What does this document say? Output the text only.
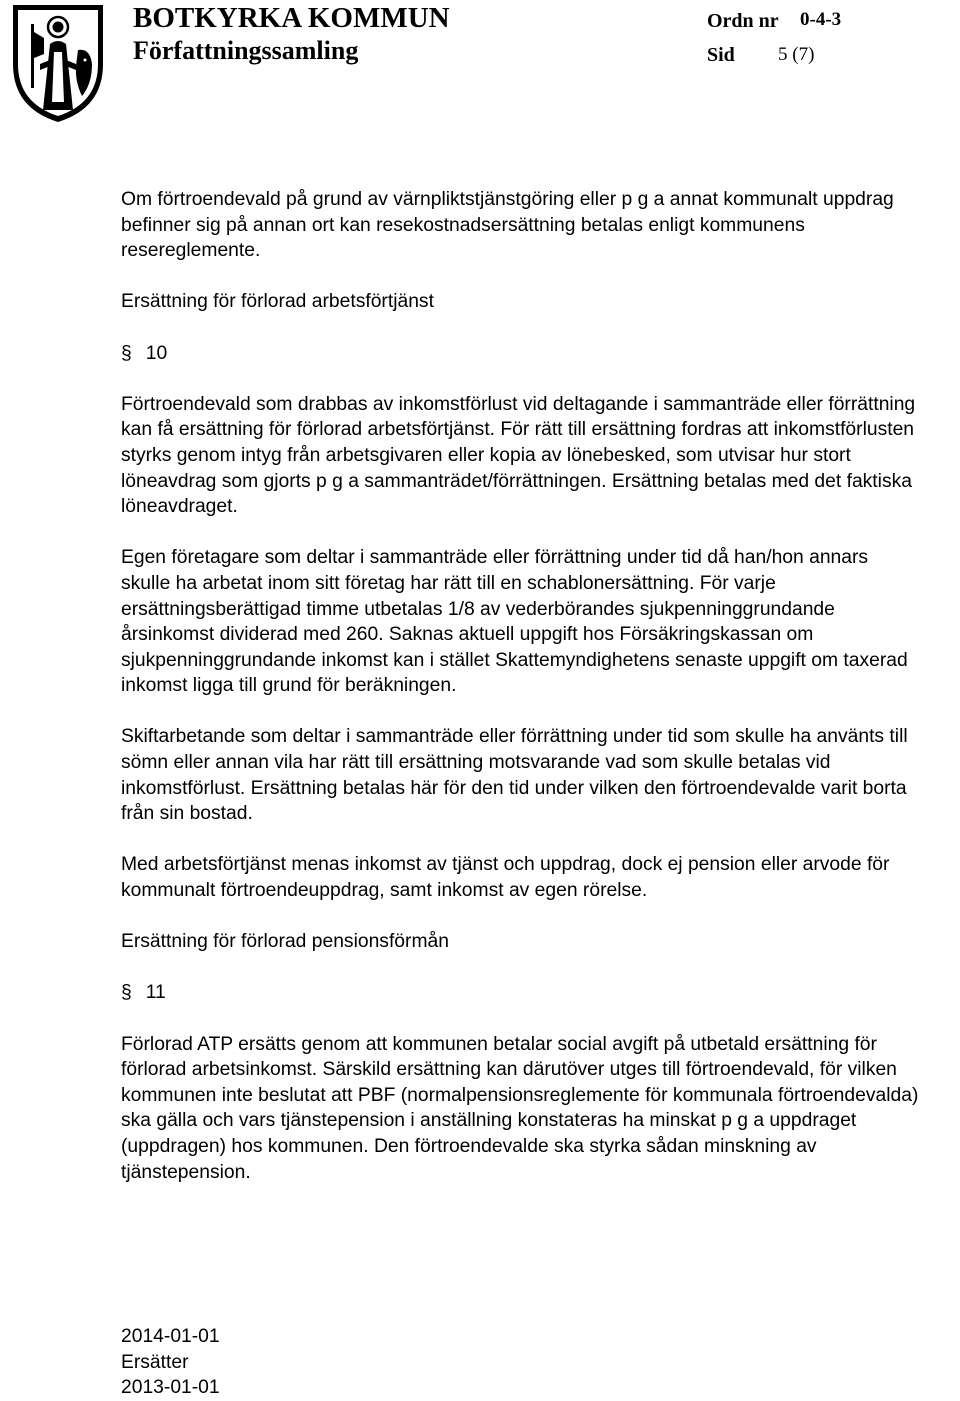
BOTKYRKA KOMMUN
Författningssamling
Ordn nr 0-4-3
Sid 5 (7)

Om förtroendevald på grund av värnpliktstjänstgöring eller p g a annat kommunalt uppdrag befinner sig på annan ort kan resekostnadsersättning betalas enligt kommunens resereglemente.

Ersättning för förlorad arbetsförtjänst

§ 10

Förtroendevald som drabbas av inkomstförlust vid deltagande i sammanträde eller förrättning kan få ersättning för förlorad arbetsförtjänst. För rätt till ersättning fordras att inkomstförlusten styrks genom intyg från arbetsgivaren eller kopia av lönebesked, som utvisar hur stort löneavdrag som gjorts p g a sammanträdet/förrättningen. Ersättning betalas med det faktiska löneavdraget.

Egen företagare som deltar i sammanträde eller förrättning under tid då han/hon annars skulle ha arbetat inom sitt företag har rätt till en schablonersättning. För varje ersättningsberättigad timme utbetalas 1/8 av vederbörandes sjukpenninggrundande årsinkomst dividerad med 260. Saknas aktuell uppgift hos Försäkringskassan om sjukpenninggrundande inkomst kan i stället Skattemyndighetens senaste uppgift om taxerad inkomst ligga till grund för beräkningen.

Skiftarbetande som deltar i sammanträde eller förrättning under tid som skulle ha använts till sömn eller annan vila har rätt till ersättning motsvarande vad som skulle betalas vid inkomstförlust. Ersättning betalas här för den tid under vilken den förtroendevalde varit borta från sin bostad.

Med arbetsförtjänst menas inkomst av tjänst och uppdrag, dock ej pension eller arvode för kommunalt förtroendeuppdrag, samt inkomst av egen rörelse.

Ersättning för förlorad pensionsförmån

§ 11

Förlorad ATP ersätts genom att kommunen betalar social avgift på utbetald ersättning för förlorad arbetsinkomst. Särskild ersättning kan därutöver utges till förtroendevald, för vilken kommunen inte beslutat att PBF (normalpensionsreglemente för kommunala förtroendevalda) ska gälla och vars tjänstepension i anställning konstateras ha minskat p g a uppdraget (uppdragen) hos kommunen. Den förtroendevalde ska styrka sådan minskning av tjänstepension.

2014-01-01
Ersätter
2013-01-01
